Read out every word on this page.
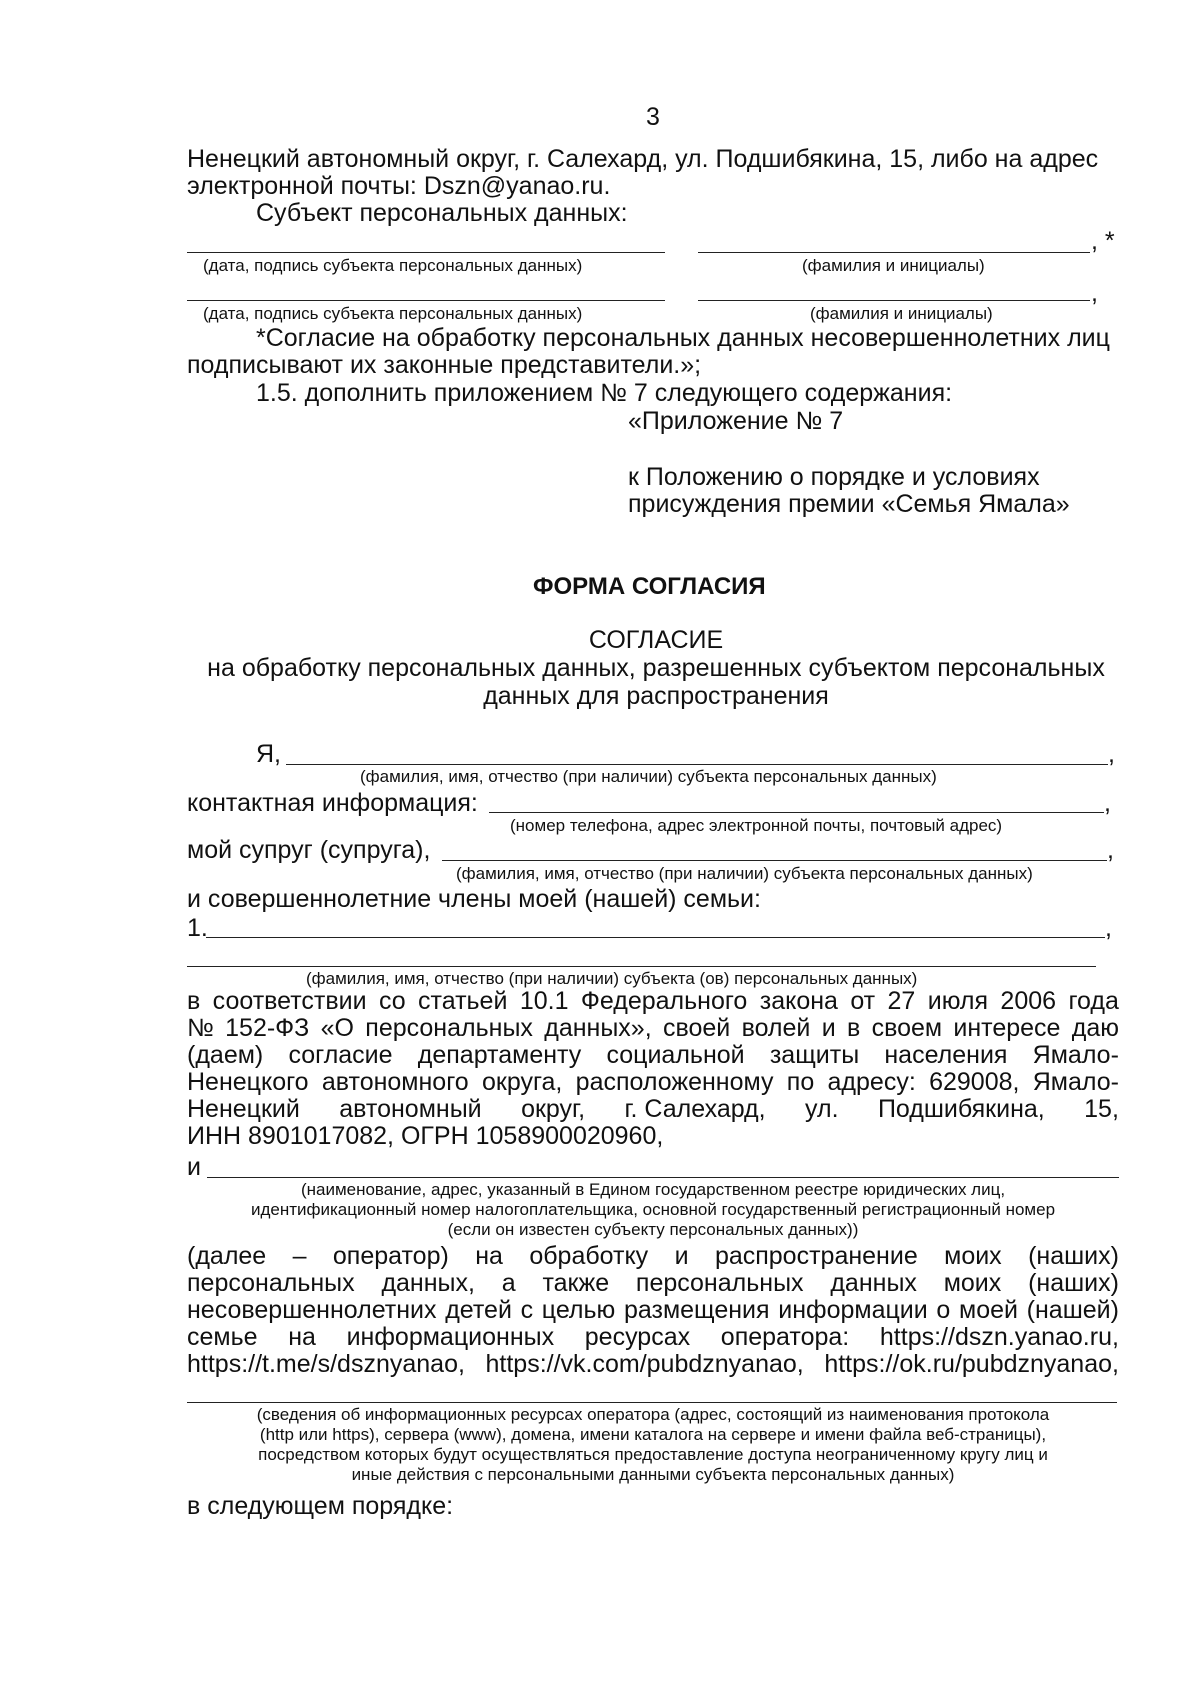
3
Ненецкий автономный округ, г. Салехард, ул. Подшибякина, 15, либо на адрес
электронной почты: Dszn@yanao.ru.
Субъект персональных данных:
, *
(дата, подпись субъекта персональных данных)	(фамилия и инициалы)
,
(дата, подпись субъекта персональных данных)	(фамилия и инициалы)
*Согласие на обработку персональных данных несовершеннолетних лиц
подписывают их законные представители.»;
1.5. дополнить приложением № 7 следующего содержания:
«Приложение № 7
к Положению о порядке и условиях
присуждения премии «Семья Ямала»
ФОРМА СОГЛАСИЯ
СОГЛАСИЕ
на обработку персональных данных, разрешенных субъектом персональных
данных для распространения
Я,	,
(фамилия, имя, отчество (при наличии) субъекта персональных данных)
контактная информация:	,
(номер телефона, адрес электронной почты, почтовый адрес)
мой супруг (супруга),	,
(фамилия, имя, отчество (при наличии) субъекта персональных данных)
и совершеннолетние члены моей (нашей) семьи:
1.	,
(фамилия, имя, отчество (при наличии) субъекта (ов) персональных данных)
в соответствии со статьей 10.1 Федерального закона от 27 июля 2006 года
№ 152-ФЗ «О персональных данных», своей волей и в своем интересе даю
(даем) согласие департаменту социальной защиты населения Ямало-
Ненецкого автономного округа, расположенному по адресу: 629008, Ямало-
Ненецкий автономный округ, г. Салехард, ул. Подшибякина, 15,
ИНН 8901017082, ОГРН 1058900020960,
и
(наименование, адрес, указанный в Едином государственном реестре юридических лиц,
идентификационный номер налогоплательщика, основной государственный регистрационный номер
(если он известен субъекту персональных данных))
(далее – оператор) на обработку и распространение моих (наших)
персональных данных, а также персональных данных моих (наших)
несовершеннолетних детей с целью размещения информации о моей (нашей)
семье на информационных ресурсах оператора: https://dszn.yanao.ru,
https://t.me/s/dsznyanao, https://vk.com/pubdznyanao, https://ok.ru/pubdznyanao,
(сведения об информационных ресурсах оператора (адрес, состоящий из наименования протокола
(http или https), сервера (www), домена, имени каталога на сервере и имени файла веб-страницы),
посредством которых будут осуществляться предоставление доступа неограниченному кругу лиц и
иные действия с персональными данными субъекта персональных данных)
в следующем порядке:
